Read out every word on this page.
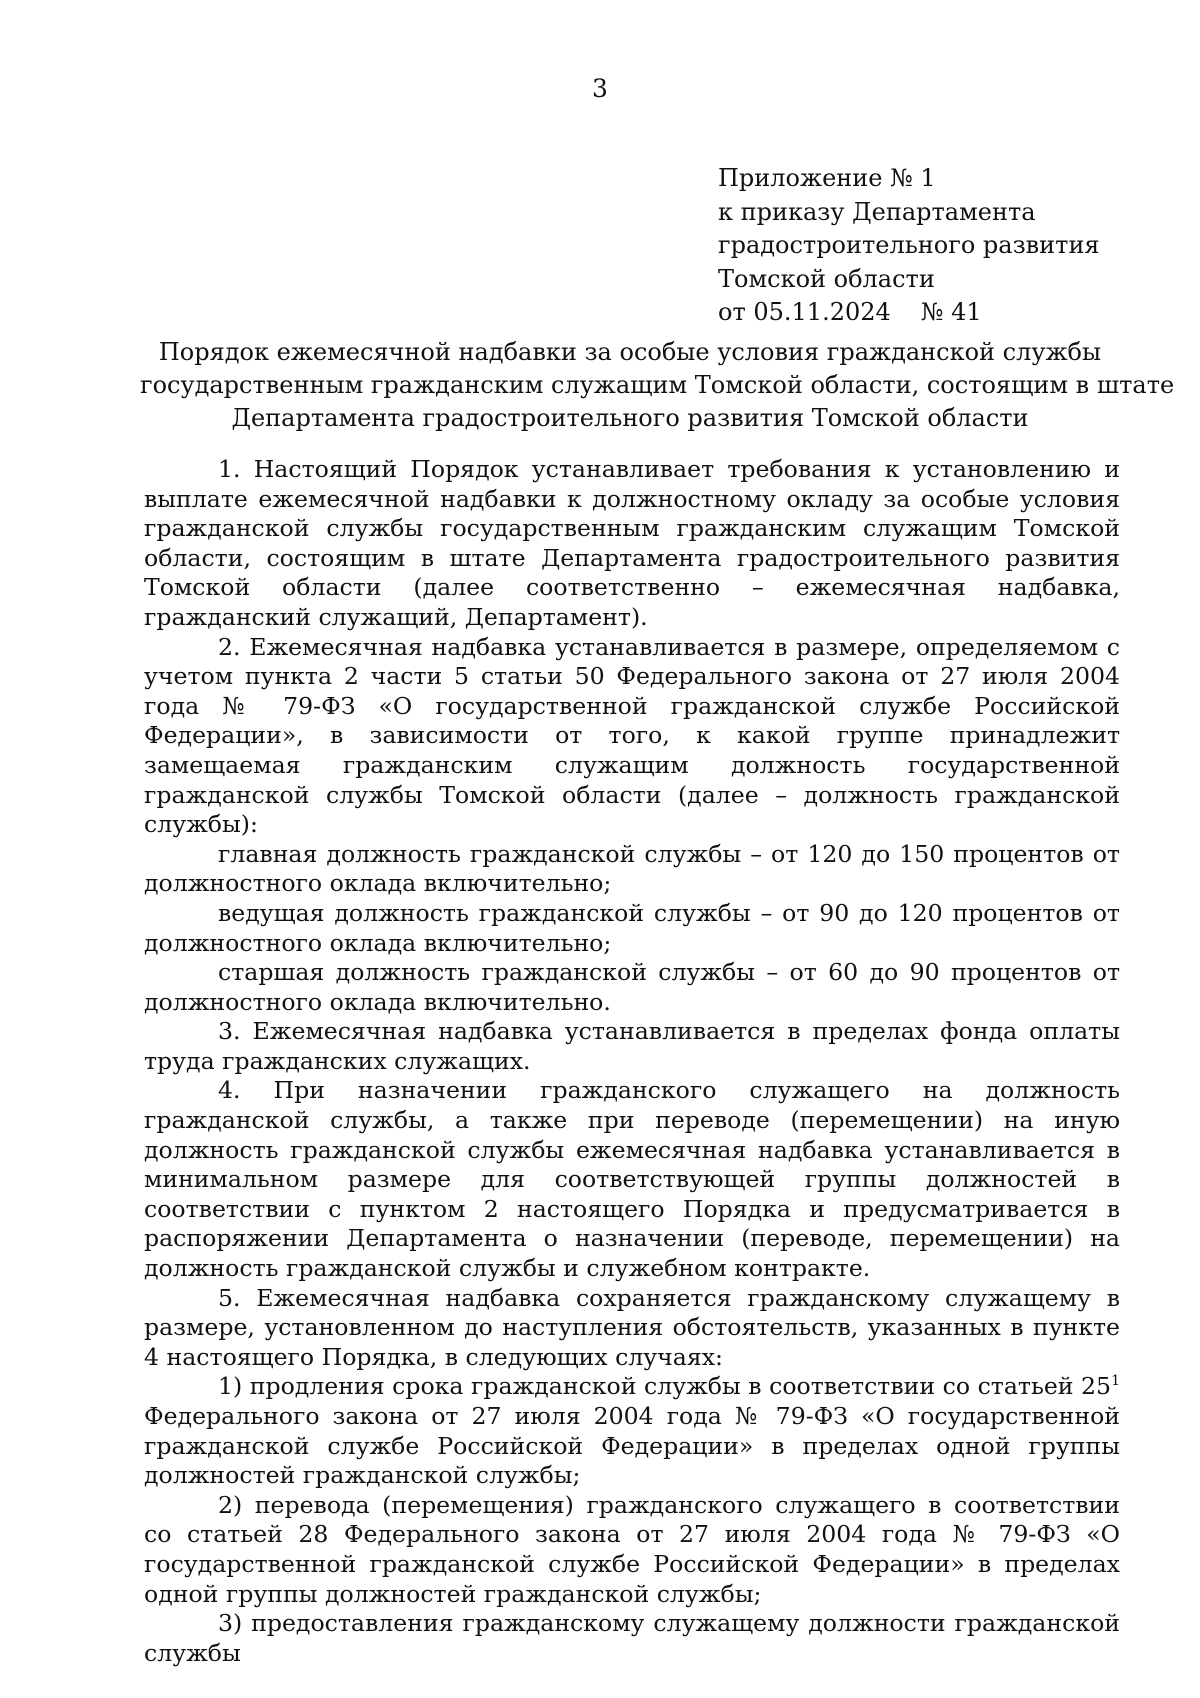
3
Приложение № 1
к приказу Департамента
градостроительного развития
Томской области
от 05.11.2024 № 41
Порядок ежемесячной надбавки за особые условия гражданской службы
государственным гражданским служащим Томской области, состоящим в штате
Департамента градостроительного развития Томской области

1. Настоящий Порядок устанавливает требования к установлению и выплате ежемесячной надбавки к должностному окладу за особые условия гражданской службы государственным гражданским служащим Томской области, состоящим в штате Департамента градостроительного развития Томской области (далее соответственно – ежемесячная надбавка, гражданский служащий, Департамент).

2. Ежемесячная надбавка устанавливается в размере, определяемом с учетом пункта 2 части 5 статьи 50 Федерального закона от 27 июля 2004 года № 79-ФЗ «О государственной гражданской службе Российской Федерации», в зависимости от того, к какой группе принадлежит замещаемая гражданским служащим должность государственной гражданской службы Томской области (далее – должность гражданской службы):

главная должность гражданской службы – от 120 до 150 процентов от должностного оклада включительно;

ведущая должность гражданской службы – от 90 до 120 процентов от должностного оклада включительно;

старшая должность гражданской службы – от 60 до 90 процентов от должностного оклада включительно.

3. Ежемесячная надбавка устанавливается в пределах фонда оплаты труда гражданских служащих.

4. При назначении гражданского служащего на должность гражданской службы, а также при переводе (перемещении) на иную должность гражданской службы ежемесячная надбавка устанавливается в минимальном размере для соответствующей группы должностей в соответствии с пунктом 2 настоящего Порядка и предусматривается в распоряжении Департамента о назначении (переводе, перемещении) на должность гражданской службы и служебном контракте.

5. Ежемесячная надбавка сохраняется гражданскому служащему в размере, установленном до наступления обстоятельств, указанных в пункте 4 настоящего Порядка, в следующих случаях:

1) продления срока гражданской службы в соответствии со статьей $25^1$ Федерального закона от 27 июля 2004 года № 79-ФЗ «О государственной гражданской службе Российской Федерации» в пределах одной группы должностей гражданской службы;

2) перевода (перемещения) гражданского служащего в соответствии со статьей 28 Федерального закона от 27 июля 2004 года № 79-ФЗ «О государственной гражданской службе Российской Федерации» в пределах одной группы должностей гражданской службы;

3) предоставления гражданскому служащему должности гражданской службы
